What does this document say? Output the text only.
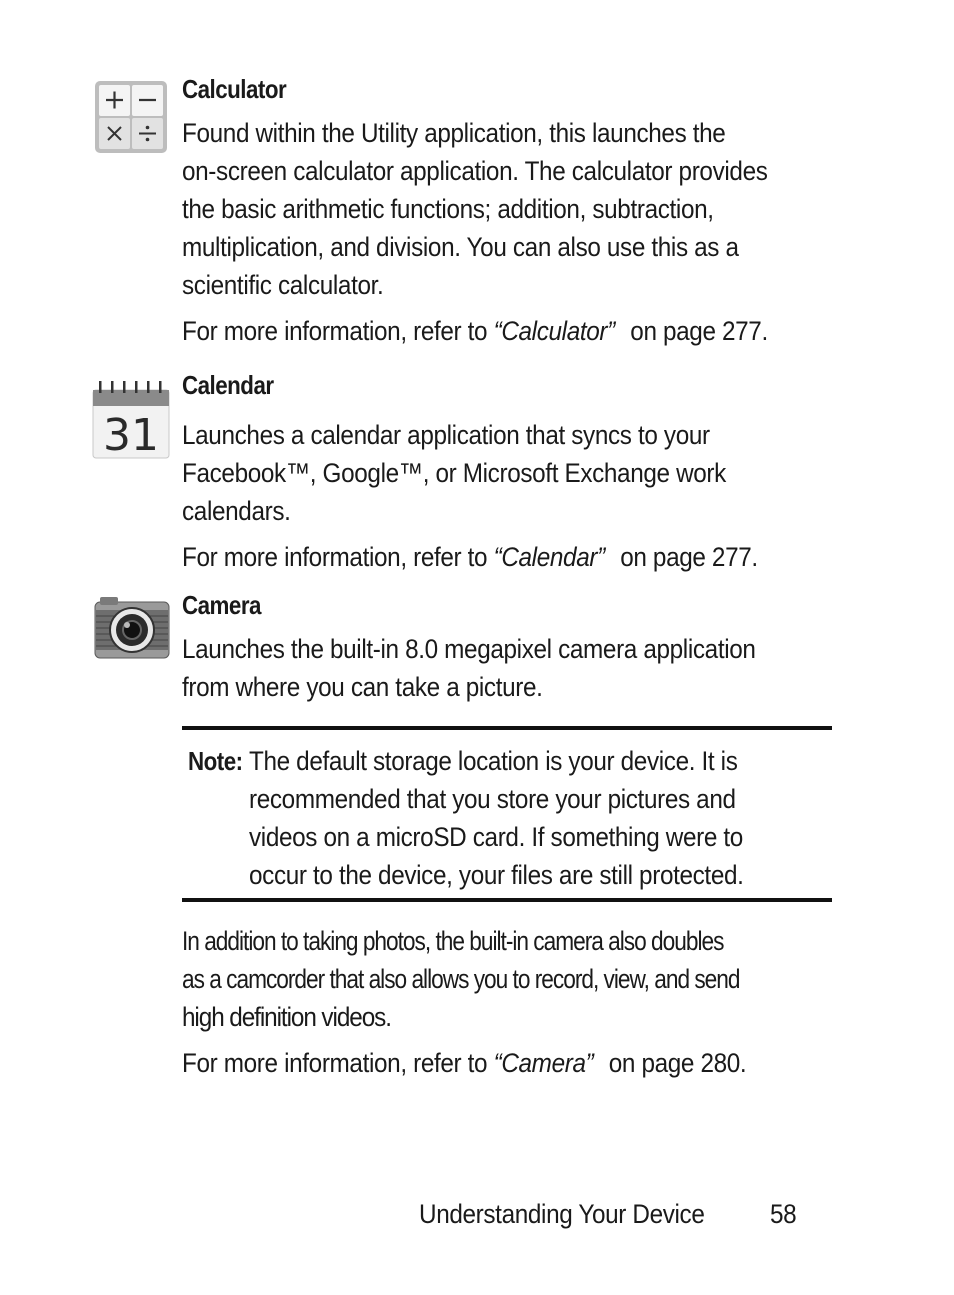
Calculator
Found within the Utility application, this launches the
on-screen calculator application. The calculator provides
the basic arithmetic functions; addition, subtraction,
multiplication, and division. You can also use this as a
scientific calculator.
For more information, refer to “Calculator” on page 277.
31
Calendar
Launches a calendar application that syncs to your
Facebook™, Google™, or Microsoft Exchange work
calendars.
For more information, refer to “Calendar” on page 277.
Camera
Launches the built-in 8.0 megapixel camera application
from where you can take a picture.
Note: The default storage location is your device. It is
recommended that you store your pictures and
videos on a microSD card. If something were to
occur to the device, your files are still protected.
In addition to taking photos, the built-in camera also doubles
as a camcorder that also allows you to record, view, and send
high definition videos.
For more information, refer to “Camera” on page 280.
Understanding Your Device 58
